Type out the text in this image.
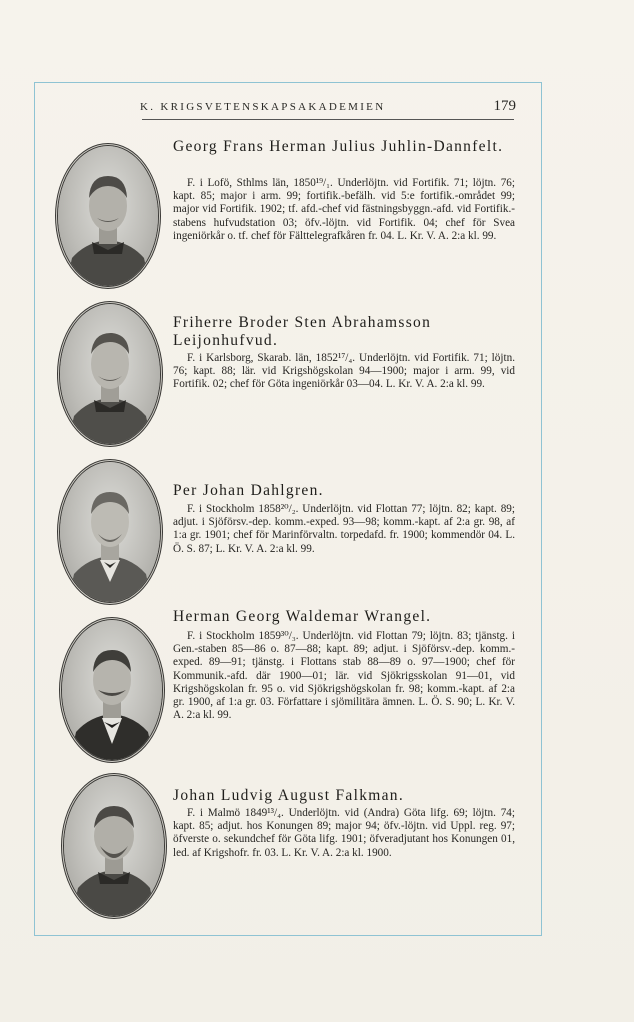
K. KRIGSVETENSKAPSAKADEMIEN	179
Georg Frans Herman Julius Juhlin-Dannfelt.

F. i Lofö, Sthlms län, 1850¹⁹/₁. Underlöjtn. vid Fortifik. 71; löjtn. 76; kapt. 85; major i arm. 99; fortifik.-befälh. vid 5:e fortifik.-området 99; major vid Fortifik. 1902; tf. afd.-chef vid fästningsbyggn.-afd. vid Fortifik.-stabens hufvudstation 03; öfv.-löjtn. vid Fortifik. 04; chef för Svea ingeniörkår o. tf. chef för Fälttelegrafkåren fr. 04. L. Kr. V. A. 2:a kl. 99.

Friherre Broder Sten Abrahamsson Leijonhufvud.

F. i Karlsborg, Skarab. län, 1852¹⁷/₄. Underlöjtn. vid Fortifik. 71; löjtn. 76; kapt. 88; lär. vid Krigshögskolan 94—1900; major i arm. 99, vid Fortifik. 02; chef för Göta ingeniörkår 03—04. L. Kr. V. A. 2:a kl. 99.

Per Johan Dahlgren.

F. i Stockholm 1858²⁰/₂. Underlöjtn. vid Flottan 77; löjtn. 82; kapt. 89; adjut. i Sjöförsv.-dep. komm.-exped. 93—98; komm.-kapt. af 2:a gr. 98, af 1:a gr. 1901; chef för Marinförvaltn. torpedafd. fr. 1900; kommendör 04. L. Ö. S. 87; L. Kr. V. A. 2:a kl. 99.

Herman Georg Waldemar Wrangel.

F. i Stockholm 1859³⁰/₃. Underlöjtn. vid Flottan 79; löjtn. 83; tjänstg. i Gen.-staben 85—86 o. 87—88; kapt. 89; adjut. i Sjöförsv.-dep. komm.-exped. 89—91; tjänstg. i Flottans stab 88—89 o. 97—1900; chef för Kommunik.-afd. där 1900—01; lär. vid Sjökrigsskolan 91—01, vid Krigshögskolan fr. 95 o. vid Sjökrigshögskolan fr. 98; komm.-kapt. af 2:a gr. 1900, af 1:a gr. 03. Författare i sjömilitära ämnen. L. Ö. S. 90; L. Kr. V. A. 2:a kl. 99.

Johan Ludvig August Falkman.

F. i Malmö 1849¹³/₄. Underlöjtn. vid (Andra) Göta lifg. 69; löjtn. 74; kapt. 85; adjut. hos Konungen 89; major 94; öfv.-löjtn. vid Uppl. reg. 97; öfverste o. sekundchef för Göta lifg. 1901; öfveradjutant hos Konungen 01, led. af Krigshofr. fr. 03. L. Kr. V. A. 2:a kl. 1900.
